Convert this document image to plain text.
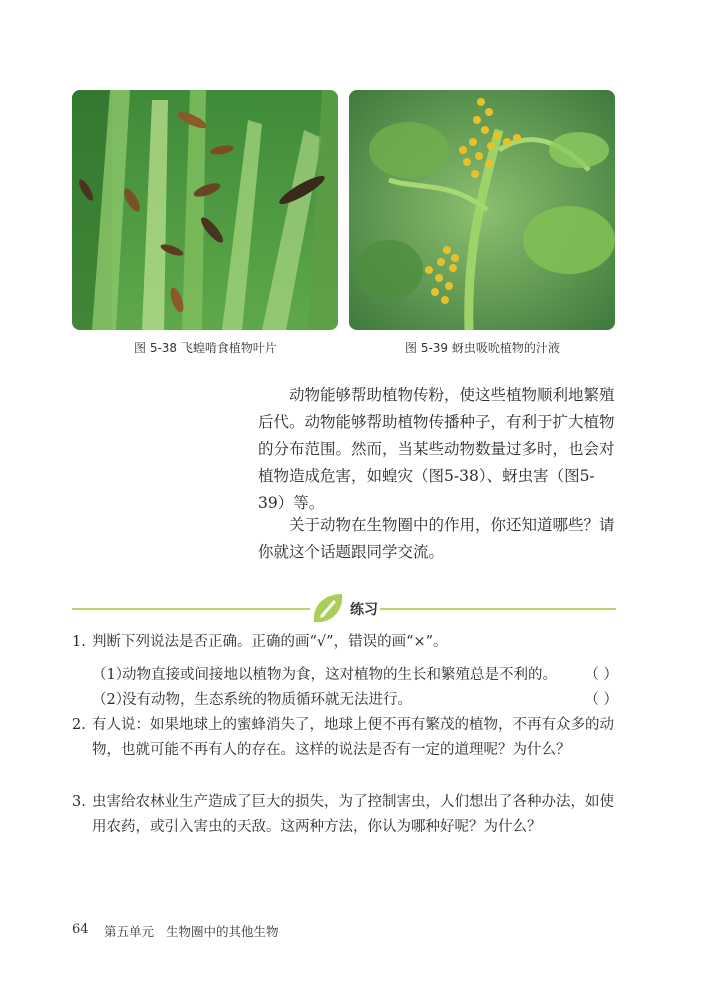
图 5-38 飞蝗啃食植物叶片	图 5-39 蚜虫吸吮植物的汁液

动物能够帮助植物传粉，使这些植物顺利地繁殖后代。动物能够帮助植物传播种子，有利于扩大植物的分布范围。然而，当某些动物数量过多时，也会对植物造成危害，如蝗灾（图5-38）、蚜虫害（图5-39）等。

关于动物在生物圈中的作用，你还知道哪些？请你就这个话题跟同学交流。

练习
1. 判断下列说法是否正确。正确的画“√”，错误的画“×”。
（1）
动物直接或间接地以植物为食，这对植物的生长和繁殖总是不利的。 （ ）
（2）
没有动物，生态系统的物质循环就无法进行。	（ ）
2. 有人说：如果地球上的蜜蜂消失了，地球上便不再有繁茂的植物，不再有众多的动物，也就可能不再有人的存在。这样的说法是否有一定的道理呢？为什么？
3. 虫害给农林业生产造成了巨大的损失，为了控制害虫，人们想出了各种办法，如使用农药，或引入害虫的天敌。这两种方法，你认为哪种好呢？为什么？
64 第五单元 生物圈中的其他生物
